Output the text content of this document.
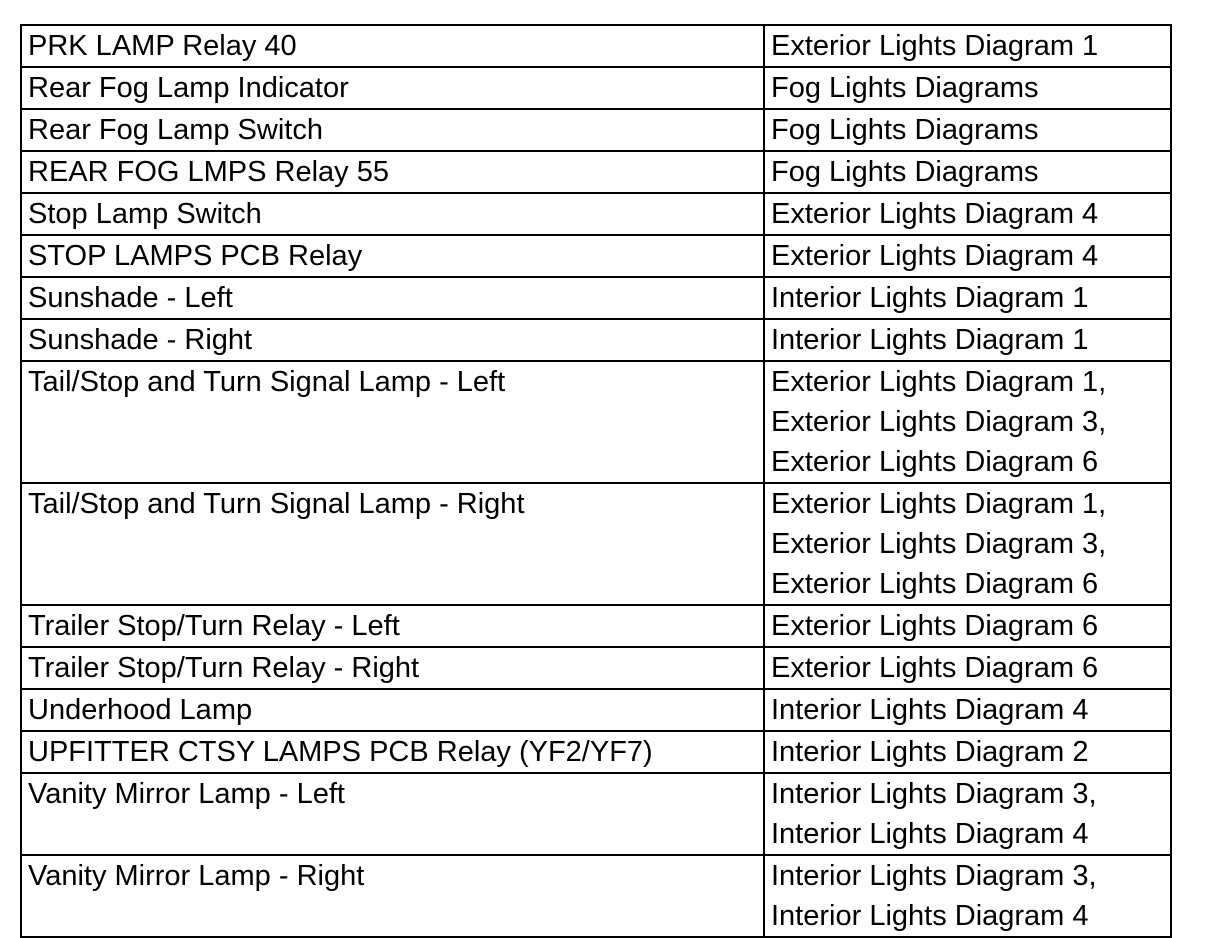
PRK LAMP Relay 40	Exterior Lights Diagram 1

Rear Fog Lamp Indicator	Fog Lights Diagrams

Rear Fog Lamp Switch	Fog Lights Diagrams

REAR FOG LMPS Relay 55	Fog Lights Diagrams

Stop Lamp Switch	Exterior Lights Diagram 4

STOP LAMPS PCB Relay	Exterior Lights Diagram 4

Sunshade - Left	Interior Lights Diagram 1

Sunshade - Right	Interior Lights Diagram 1

Tail/Stop and Turn Signal Lamp - Left	Exterior Lights Diagram 1,
Exterior Lights Diagram 3,
Exterior Lights Diagram 6

Tail/Stop and Turn Signal Lamp - Right	Exterior Lights Diagram 1,
Exterior Lights Diagram 3,
Exterior Lights Diagram 6

Trailer Stop/Turn Relay - Left	Exterior Lights Diagram 6

Trailer Stop/Turn Relay - Right	Exterior Lights Diagram 6

Underhood Lamp	Interior Lights Diagram 4

UPFITTER CTSY LAMPS PCB Relay (YF2/YF7)	Interior Lights Diagram 2

Vanity Mirror Lamp - Left	Interior Lights Diagram 3,
Interior Lights Diagram 4

Vanity Mirror Lamp - Right	Interior Lights Diagram 3,
Interior Lights Diagram 4
